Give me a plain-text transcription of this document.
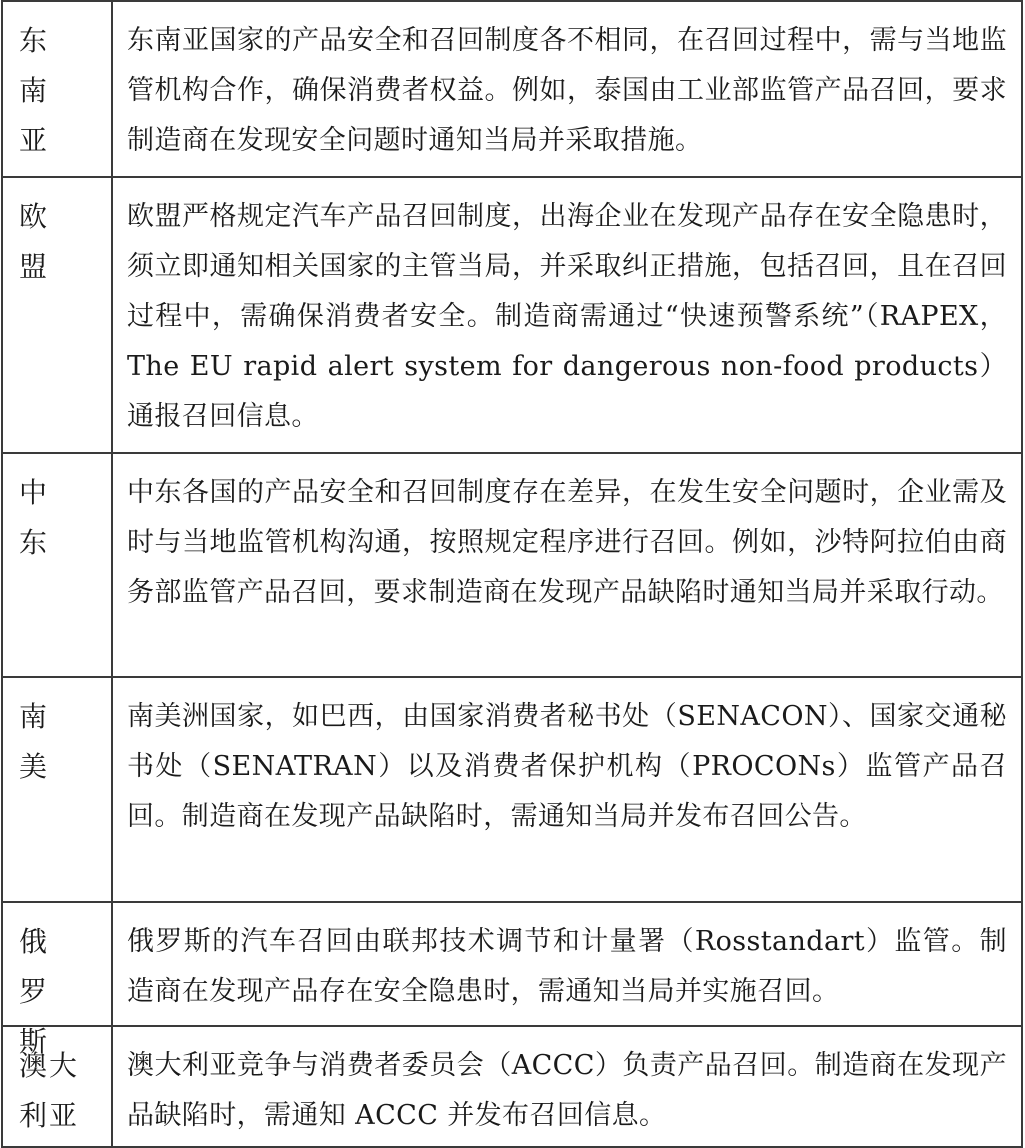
东南亚
东南亚国家的产品安全和召回制度各不相同，在召回过程中，需与当地监管机构合作，确保消费者权益。例如，泰国由工业部监管产品召回，要求制造商在发现安全问题时通知当局并采取措施。
欧盟
欧盟严格规定汽车产品召回制度，出海企业在发现产品存在安全隐患时，须立即通知相关国家的主管当局，并采取纠正措施，包括召回，且在召回过程中，需确保消费者安全。制造商需通过“快速预警系统”（RAPEX，The EU rapid alert system for dangerous non-food products）通报召回信息。
中东
中东各国的产品安全和召回制度存在差异，在发生安全问题时，企业需及时与当地监管机构沟通，按照规定程序进行召回。例如，沙特阿拉伯由商务部监管产品召回，要求制造商在发现产品缺陷时通知当局并采取行动。
南美
南美洲国家，如巴西，由国家消费者秘书处（SENACON）、国家交通秘书处（SENATRAN）以及消费者保护机构（PROCONs）监管产品召回。制造商在发现产品缺陷时，需通知当局并发布召回公告。
俄罗斯
俄罗斯的汽车召回由联邦技术调节和计量署（Rosstandart）监管。制造商在发现产品存在安全隐患时，需通知当局并实施召回。
澳大利亚
澳大利亚竞争与消费者委员会（ACCC）负责产品召回。制造商在发现产品缺陷时，需通知 ACCC 并发布召回信息。
